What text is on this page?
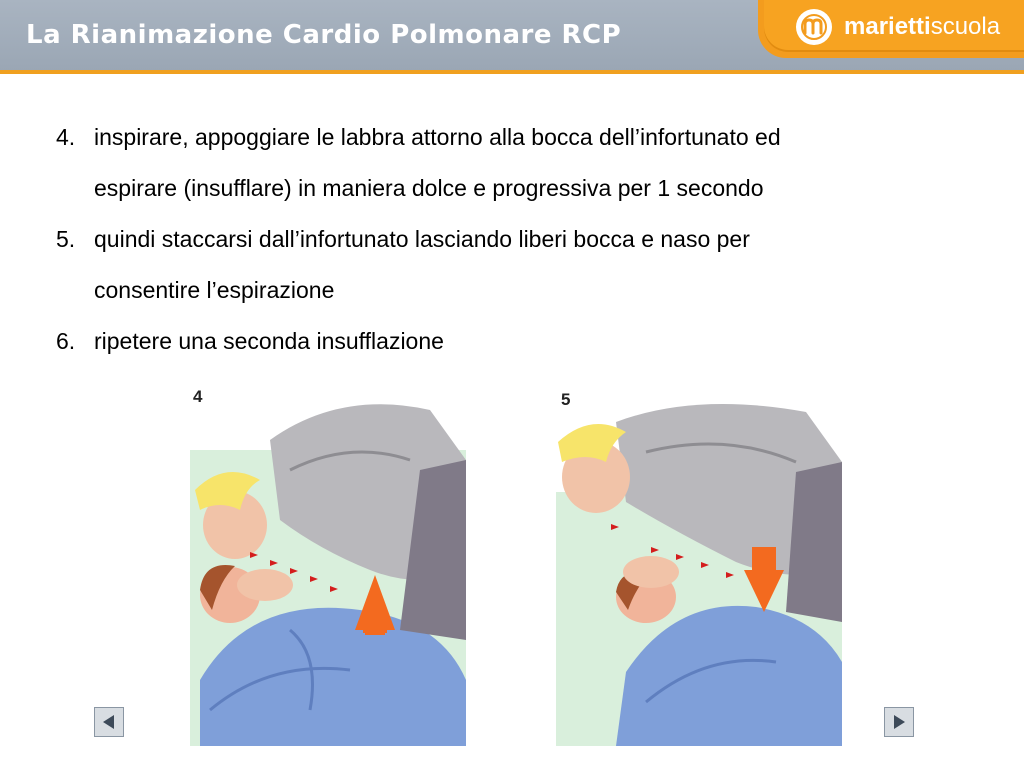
La Rianimazione Cardio Polmonare RCP	mariettiscuola
4. inspirare, appoggiare le labbra attorno alla bocca dell’infortunato ed
espirare (insufflare) in maniera dolce e progressiva per 1 secondo
5. quindi staccarsi dall’infortunato lasciando liberi bocca e naso per
consentire l’espirazione
6. ripetere una seconda insufflazione
4	5
